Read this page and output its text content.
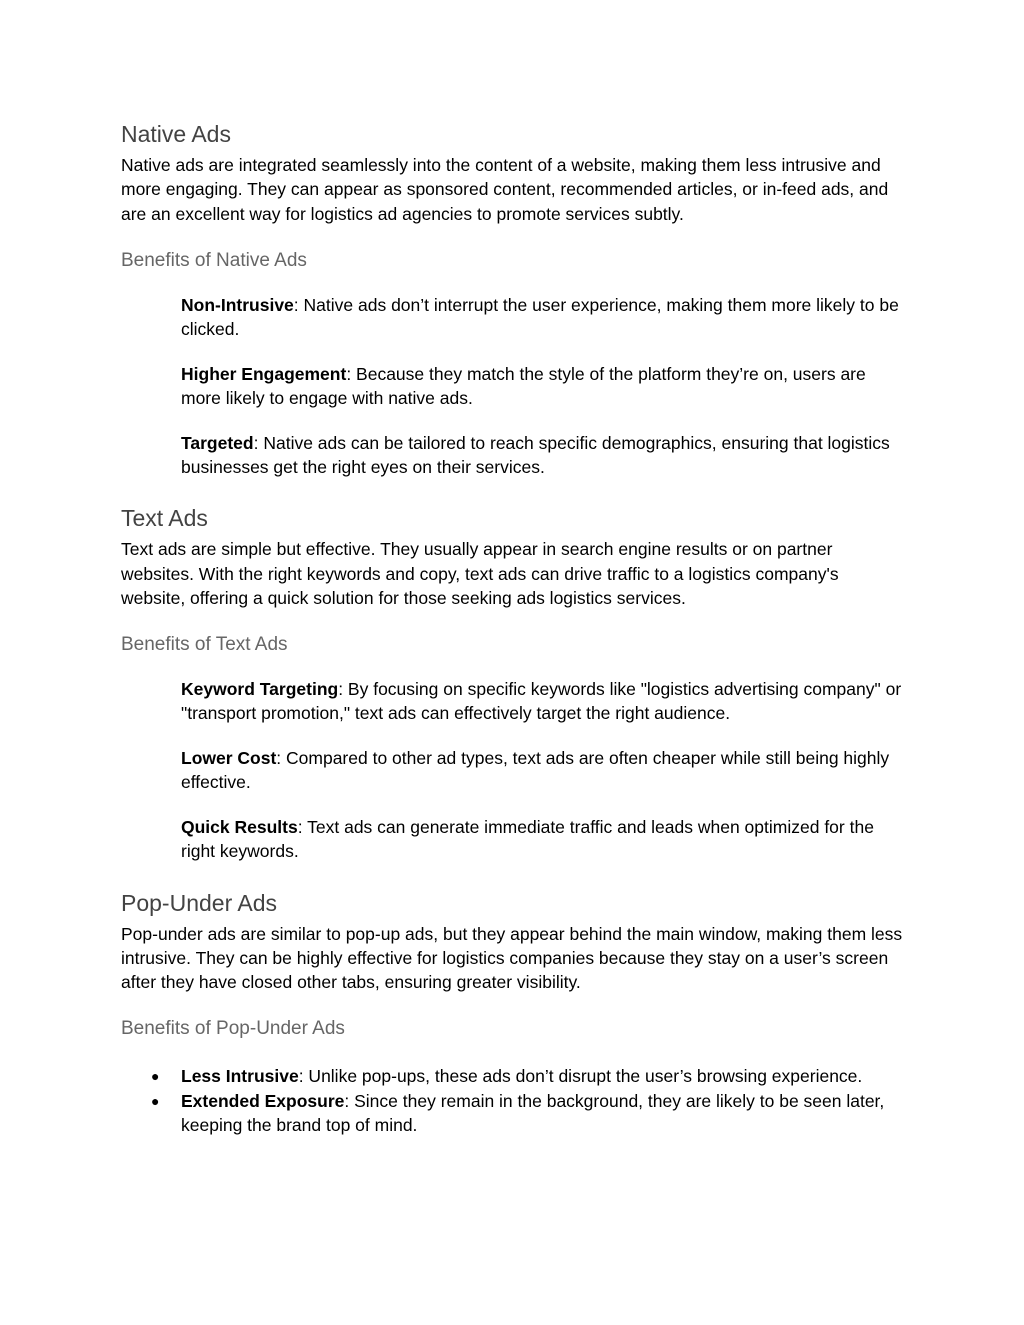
Native Ads

Native ads are integrated seamlessly into the content of a website, making them less intrusive and more engaging. They can appear as sponsored content, recommended articles, or in-feed ads, and are an excellent way for logistics ad agencies to promote services subtly.

Benefits of Native Ads
Non-Intrusive: Native ads don’t interrupt the user experience, making them more likely to be clicked.
Higher Engagement: Because they match the style of the platform they’re on, users are more likely to engage with native ads.
Targeted: Native ads can be tailored to reach specific demographics, ensuring that logistics businesses get the right eyes on their services.
Text Ads

Text ads are simple but effective. They usually appear in search engine results or on partner websites. With the right keywords and copy, text ads can drive traffic to a logistics company's website, offering a quick solution for those seeking ads logistics services.

Benefits of Text Ads
Keyword Targeting: By focusing on specific keywords like "logistics advertising company" or "transport promotion," text ads can effectively target the right audience.
Lower Cost: Compared to other ad types, text ads are often cheaper while still being highly effective.
Quick Results: Text ads can generate immediate traffic and leads when optimized for the right keywords.
Pop-Under Ads

Pop-under ads are similar to pop-up ads, but they appear behind the main window, making them less intrusive. They can be highly effective for logistics companies because they stay on a user’s screen after they have closed other tabs, ensuring greater visibility.

Benefits of Pop-Under Ads
● Less Intrusive: Unlike pop-ups, these ads don’t disrupt the user’s browsing experience.
● Extended Exposure: Since they remain in the background, they are likely to be seen later, keeping the brand top of mind.
